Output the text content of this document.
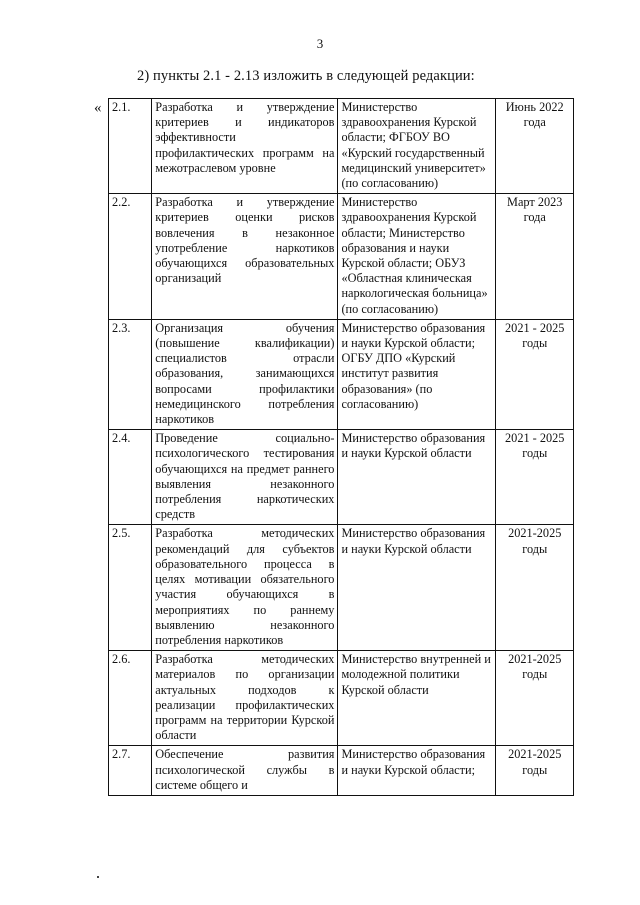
3
2) пункты 2.1 - 2.13 изложить в следующей редакции:
« 2.1.	Разработка и утверждение критериев и индикаторов эффективности профилактических программ на межотраслевом уровне	Министерство здравоохранения Курской области; ФГБОУ ВО «Курский государственный медицинский университет» (по согласованию)	Июнь 2022 года
2.2.	Разработка и утверждение критериев оценки рисков вовлечения в незаконное употребление наркотиков обучающихся образовательных организаций	Министерство здравоохранения Курской области; Министерство образования и науки Курской области; ОБУЗ «Областная клиническая наркологическая больница» (по согласованию)	Март 2023 года
2.3.	Организация обучения (повышение квалификации) специалистов отрасли образования, занимающихся вопросами профилактики немедицинского потребления наркотиков	Министерство образования и науки Курской области; ОГБУ ДПО «Курский институт развития образования» (по согласованию)	2021 - 2025 годы
2.4.	Проведение социально-психологического тестирования обучающихся на предмет раннего выявления незаконного потребления наркотических средств	Министерство образования и науки Курской области	2021 - 2025 годы
2.5.	Разработка методических рекомендаций для субъектов образовательного процесса в целях мотивации обязательного участия обучающихся в мероприятиях по раннему выявлению незаконного потребления наркотиков	Министерство образования и науки Курской области	2021-2025 годы
2.6.	Разработка методических материалов по организации актуальных подходов к реализации профилактических программ на территории Курской области	Министерство внутренней и молодежной политики Курской области	2021-2025 годы
2.7.	Обеспечение развития психологической службы в системе общего и	Министерство образования и науки Курской области;	2021-2025 годы
